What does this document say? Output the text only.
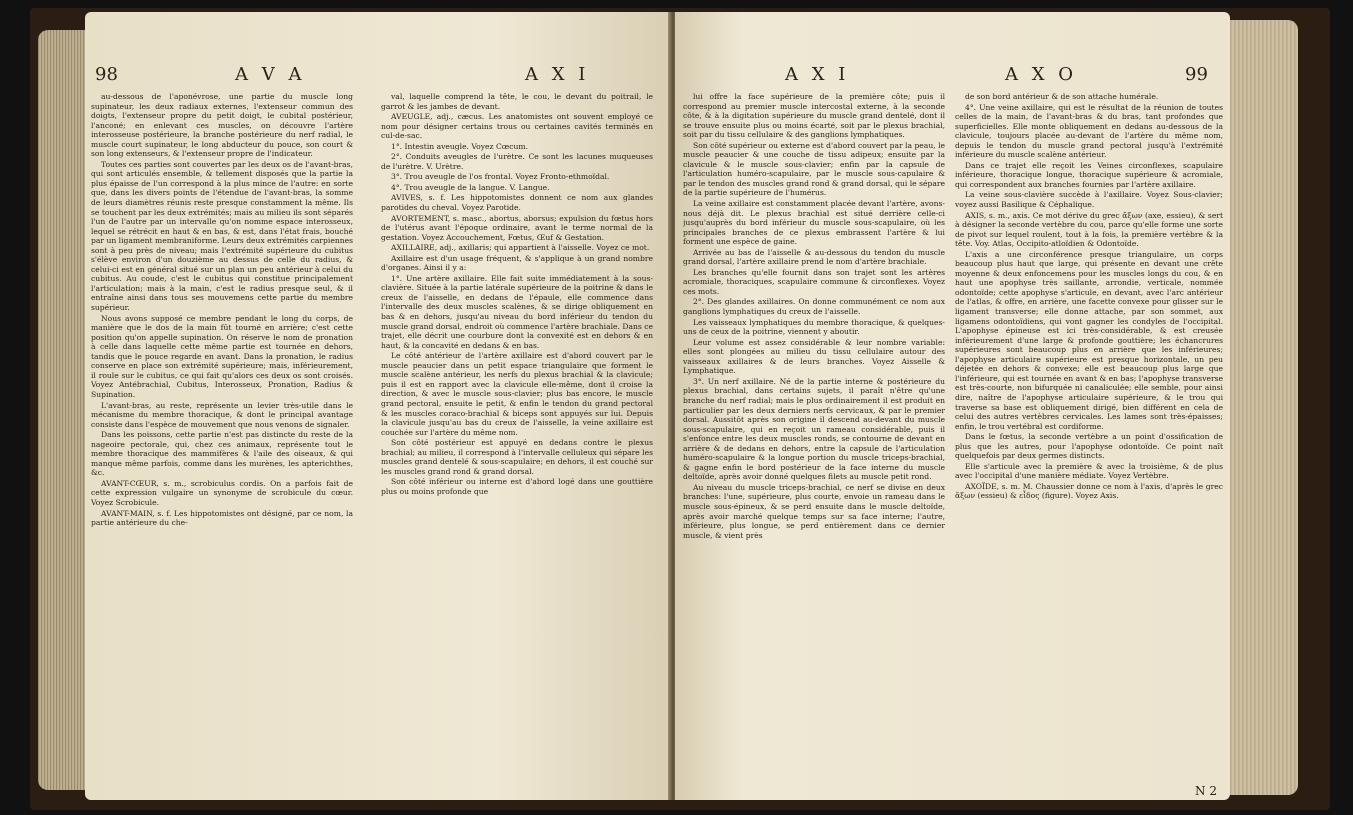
98	A V A	A X I

au-dessous de l'aponévrose, une partie du muscle long supinateur, les deux radiaux externes, l'extenseur commun des doigts, l'extenseur propre du petit doigt, le cubital postérieur, l'anconé; en enlevant ces muscles, on découvre l'artère interosseuse postérieure, la branche postérieure du nerf radial, le muscle court supinateur, le long abducteur du pouce, son court & son long extenseurs, & l'extenseur propre de l'indicateur.

Toutes ces parties sont couvertes par les deux os de l'avant-bras, qui sont articulés ensemble, & tellement disposés que la partie la plus épaisse de l'un correspond à la plus mince de l'autre: en sorte que, dans les divers points de l'étendue de l'avant-bras, la somme de leurs diamètres réunis reste presque constamment la même. Ils se touchent par les deux extrémités; mais au milieu ils sont séparés l'un de l'autre par un intervalle qu'on nomme espace interosseux, lequel se rétrécit en haut & en bas, & est, dans l'état frais, bouché par un ligament membraniforme. Leurs deux extrémités carpiennes sont à peu près de niveau; mais l'extrémité supérieure du cubitus s'élève environ d'un douzième au dessus de celle du radius, & celui-ci est en général situé sur un plan un peu antérieur à celui du cubitus. Au coude, c'est le cubitus qui constitue principalement l'articulation; mais à la main, c'est le radius presque seul, & il entraîne ainsi dans tous ses mouvemens cette partie du membre supérieur.

Nous avons supposé ce membre pendant le long du corps, de manière que le dos de la main fût tourné en arrière; c'est cette position qu'on appelle supination. On réserve le nom de pronation à celle dans laquelle cette même partie est tournée en dehors, tandis que le pouce regarde en avant. Dans la pronation, le radius conserve en place son extrémité supérieure; mais, inférieurement, il roule sur le cubitus, ce qui fait qu'alors ces deux os sont croisés. Voyez Antébrachial, Cubitus, Interosseux, Pronation, Radius & Supination.

L'avant-bras, au reste, représente un levier très-utile dans le mécanisme du membre thoracique, & dont le principal avantage consiste dans l'espèce de mouvement que nous venons de signaler.

Dans les poissons, cette partie n'est pas distincte du reste de la nageoire pectorale, qui, chez ces animaux, représente tout le membre thoracique des mammifères & l'aile des oiseaux, & qui manque même parfois, comme dans les murènes, les apterichthes, &c.

AVANT-CŒUR, s. m., scrobiculus cordis. On a parfois fait de cette expression vulgaire un synonyme de scrobicule du cœur. Voyez Scrobicule.

AVANT-MAIN, s. f. Les hippotomistes ont désigné, par ce nom, la partie antérieure du che-

val, laquelle comprend la tête, le cou, le devant du poitrail, le garrot & les jambes de devant.

AVEUGLE, adj., cæcus. Les anatomistes ont souvent employé ce nom pour désigner certains trous ou certaines cavités terminés en cul-de-sac.

1°. Intestin aveugle. Voyez Cœcum.

2°. Conduits aveugles de l'urètre. Ce sont les lacunes muqueuses de l'urètre. V. Urètre.

3°. Trou aveugle de l'os frontal. Voyez Fronto-ethmoïdal.

4°. Trou aveugle de la langue. V. Langue.

AVIVES, s. f. Les hippotomistes donnent ce nom aux glandes parotides du cheval. Voyez Parotide.

AVORTEMENT, s. masc., abortus, aborsus; expulsion du fœtus hors de l'utérus avant l'époque ordinaire, avant le terme normal de la gestation. Voyez Accouchement, Fœtus, Œuf & Gestation.

AXILLAIRE, adj., axillaris; qui appartient à l'aisselle. Voyez ce mot.

Axillaire est d'un usage fréquent, & s'applique à un grand nombre d'organes. Ainsi il y a:

1°. Une artère axillaire. Elle fait suite immédiatement à la sous-clavière. Située à la partie latérale supérieure de la poitrine & dans le creux de l'aisselle, en dedans de l'épaule, elle commence dans l'intervalle des deux muscles scalènes, & se dirige obliquement en bas & en dehors, jusqu'au niveau du bord inférieur du tendon du muscle grand dorsal, endroit où commence l'artère brachiale. Dans ce trajet, elle décrit une courbure dont la convexité est en dehors & en haut, & la concavité en dedans & en bas.

Le côté antérieur de l'artère axillaire est d'abord couvert par le muscle peaucier dans un petit espace triangulaire que forment le muscle scalène antérieur, les nerfs du plexus brachial & la clavicule; puis il est en rapport avec la clavicule elle-même, dont il croise la direction, & avec le muscle sous-clavier; plus bas encore, le muscle grand pectoral, ensuite le petit, & enfin le tendon du grand pectoral & les muscles coraco-brachial & biceps sont appuyés sur lui. Depuis la clavicule jusqu'au bas du creux de l'aisselle, la veine axillaire est couchée sur l'artère du même nom.

Son côté postérieur est appuyé en dedans contre le plexus brachial; au milieu, il correspond à l'intervalle celluleux qui sépare les muscles grand dentelé & sous-scapulaire; en dehors, il est couché sur les muscles grand rond & grand dorsal.

Son côté inférieur ou interne est d'abord logé dans une gouttière plus ou moins profonde que

A X I	A X O	99

lui offre la face supérieure de la première côte; puis il correspond au premier muscle intercostal externe, à la seconde côte, & à la digitation supérieure du muscle grand dentelé, dont il se trouve ensuite plus ou moins écarté, soit par le plexus brachial, soit par du tissu cellulaire & des ganglions lymphatiques.

Son côté supérieur ou externe est d'abord couvert par la peau, le muscle peaucier & une couche de tissu adipeux; ensuite par la clavicule & le muscle sous-clavier; enfin par la capsule de l'articulation huméro-scapulaire, par le muscle sous-capulaire & par le tendon des muscles grand rond & grand dorsal, qui le sépare de la partie supérieure de l'humérus.

La veine axillaire est constamment placée devant l'artère, avons-nous déjà dit. Le plexus brachial est situé derrière celle-ci jusqu'auprès du bord inférieur du muscle sous-scapulaire, où les principales branches de ce plexus embrassent l'artère & lui forment une espèce de gaine.

Arrivée au bas de l'aisselle & au-dessous du tendon du muscle grand dorsal, l'artère axillaire prend le nom d'artère brachiale.

Les branches qu'elle fournit dans son trajet sont les artères acromiale, thoraciques, scapulaire commune & circonflexes. Voyez ces mots.

2°. Des glandes axillaires. On donne communément ce nom aux ganglions lymphatiques du creux de l'aisselle.

Les vaisseaux lymphatiques du membre thoracique, & quelques-uns de ceux de la poitrine, viennent y aboutir.

Leur volume est assez considérable & leur nombre variable: elles sont plongées au milieu du tissu cellulaire autour des vaisseaux axillaires & de leurs branches. Voyez Aisselle & Lymphatique.

3°. Un nerf axillaire. Né de la partie interne & postérieure du plexus brachial, dans certains sujets, il paraît n'être qu'une branche du nerf radial; mais le plus ordinairement il est produit en particulier par les deux derniers nerfs cervicaux, & par le premier dorsal. Aussitôt après son origine il descend au-devant du muscle sous-scapulaire, qui en reçoit un rameau considérable, puis il s'enfonce entre les deux muscles ronds, se contourne de devant en arrière & de dedans en dehors, entre la capsule de l'articulation huméro-scapulaire & la longue portion du muscle triceps-brachial, & gagne enfin le bord postérieur de la face interne du muscle deltoïde, après avoir donné quelques filets au muscle petit rond.

Au niveau du muscle triceps-brachial, ce nerf se divise en deux branches: l'une, supérieure, plus courte, envoie un rameau dans le muscle sous-épineux, & se perd ensuite dans le muscle deltoïde, après avoir marché quelque temps sur sa face interne; l'autre, inférieure, plus longue, se perd entièrement dans ce dernier muscle, & vient près

de son bord antérieur & de son attache humérale.

4°. Une veine axillaire, qui est le résultat de la réunion de toutes celles de la main, de l'avant-bras & du bras, tant profondes que superficielles. Elle monte obliquement en dedans au-dessous de la clavicule, toujours placée au-devant de l'artère du même nom, depuis le tendon du muscle grand pectoral jusqu'à l'extrémité inférieure du muscle scalène antérieur.

Dans ce trajet elle reçoit les Veines circonflexes, scapulaire inférieure, thoracique longue, thoracique supérieure & acromiale, qui correspondent aux branches fournies par l'artère axillaire.

La veine sous-clavière succède à l'axillaire. Voyez Sous-clavier; voyez aussi Basilique & Céphalique.

AXIS, s. m., axis. Ce mot dérive du grec ἄξων (axe, essieu), & sert à désigner la seconde vertèbre du cou, parce qu'elle forme une sorte de pivot sur lequel roulent, tout à la fois, la première vertèbre & la tête. Voy. Atlas, Occipito-atloïdien & Odontoïde.

L'axis a une circonférence presque triangulaire, un corps beaucoup plus haut que large, qui présente en devant une crête moyenne & deux enfoncemens pour les muscles longs du cou, & en haut une apophyse très saillante, arrondie, verticale, nommée odontoïde; cette apophyse s'articule, en devant, avec l'arc antérieur de l'atlas, & offre, en arrière, une facette convexe pour glisser sur le ligament transverse; elle donne attache, par son sommet, aux ligamens odontoïdiens, qui vont gagner les condyles de l'occipital. L'apophyse épineuse est ici très-considérable, & est creusée inférieurement d'une large & profonde gouttière; les échancrures supérieures sont beaucoup plus en arrière que les inférieures; l'apophyse articulaire supérieure est presque horizontale, un peu déjetée en dehors & convexe; elle est beaucoup plus large que l'inférieure, qui est tournée en avant & en bas; l'apophyse transverse est très-courte, non bifurquée ni canaliculée; elle semble, pour ainsi dire, naître de l'apophyse articulaire supérieure, & le trou qui traverse sa base est obliquement dirigé, bien différent en cela de celui des autres vertèbres cervicales. Les lames sont très-épaisses; enfin, le trou vertébral est cordiforme.

Dans le fœtus, la seconde vertèbre a un point d'ossification de plus que les autres, pour l'apophyse odontoïde. Ce point naît quelquefois par deux germes distincts.

Elle s'articule avec la première & avec la troisième, & de plus avec l'occipital d'une manière médiate. Voyez Vertèbre.

AXOÏDE, s. m. M. Chaussier donne ce nom à l'axis, d'après le grec ἄξων (essieu) & εἶδος (figure). Voyez Axis.

N 2
